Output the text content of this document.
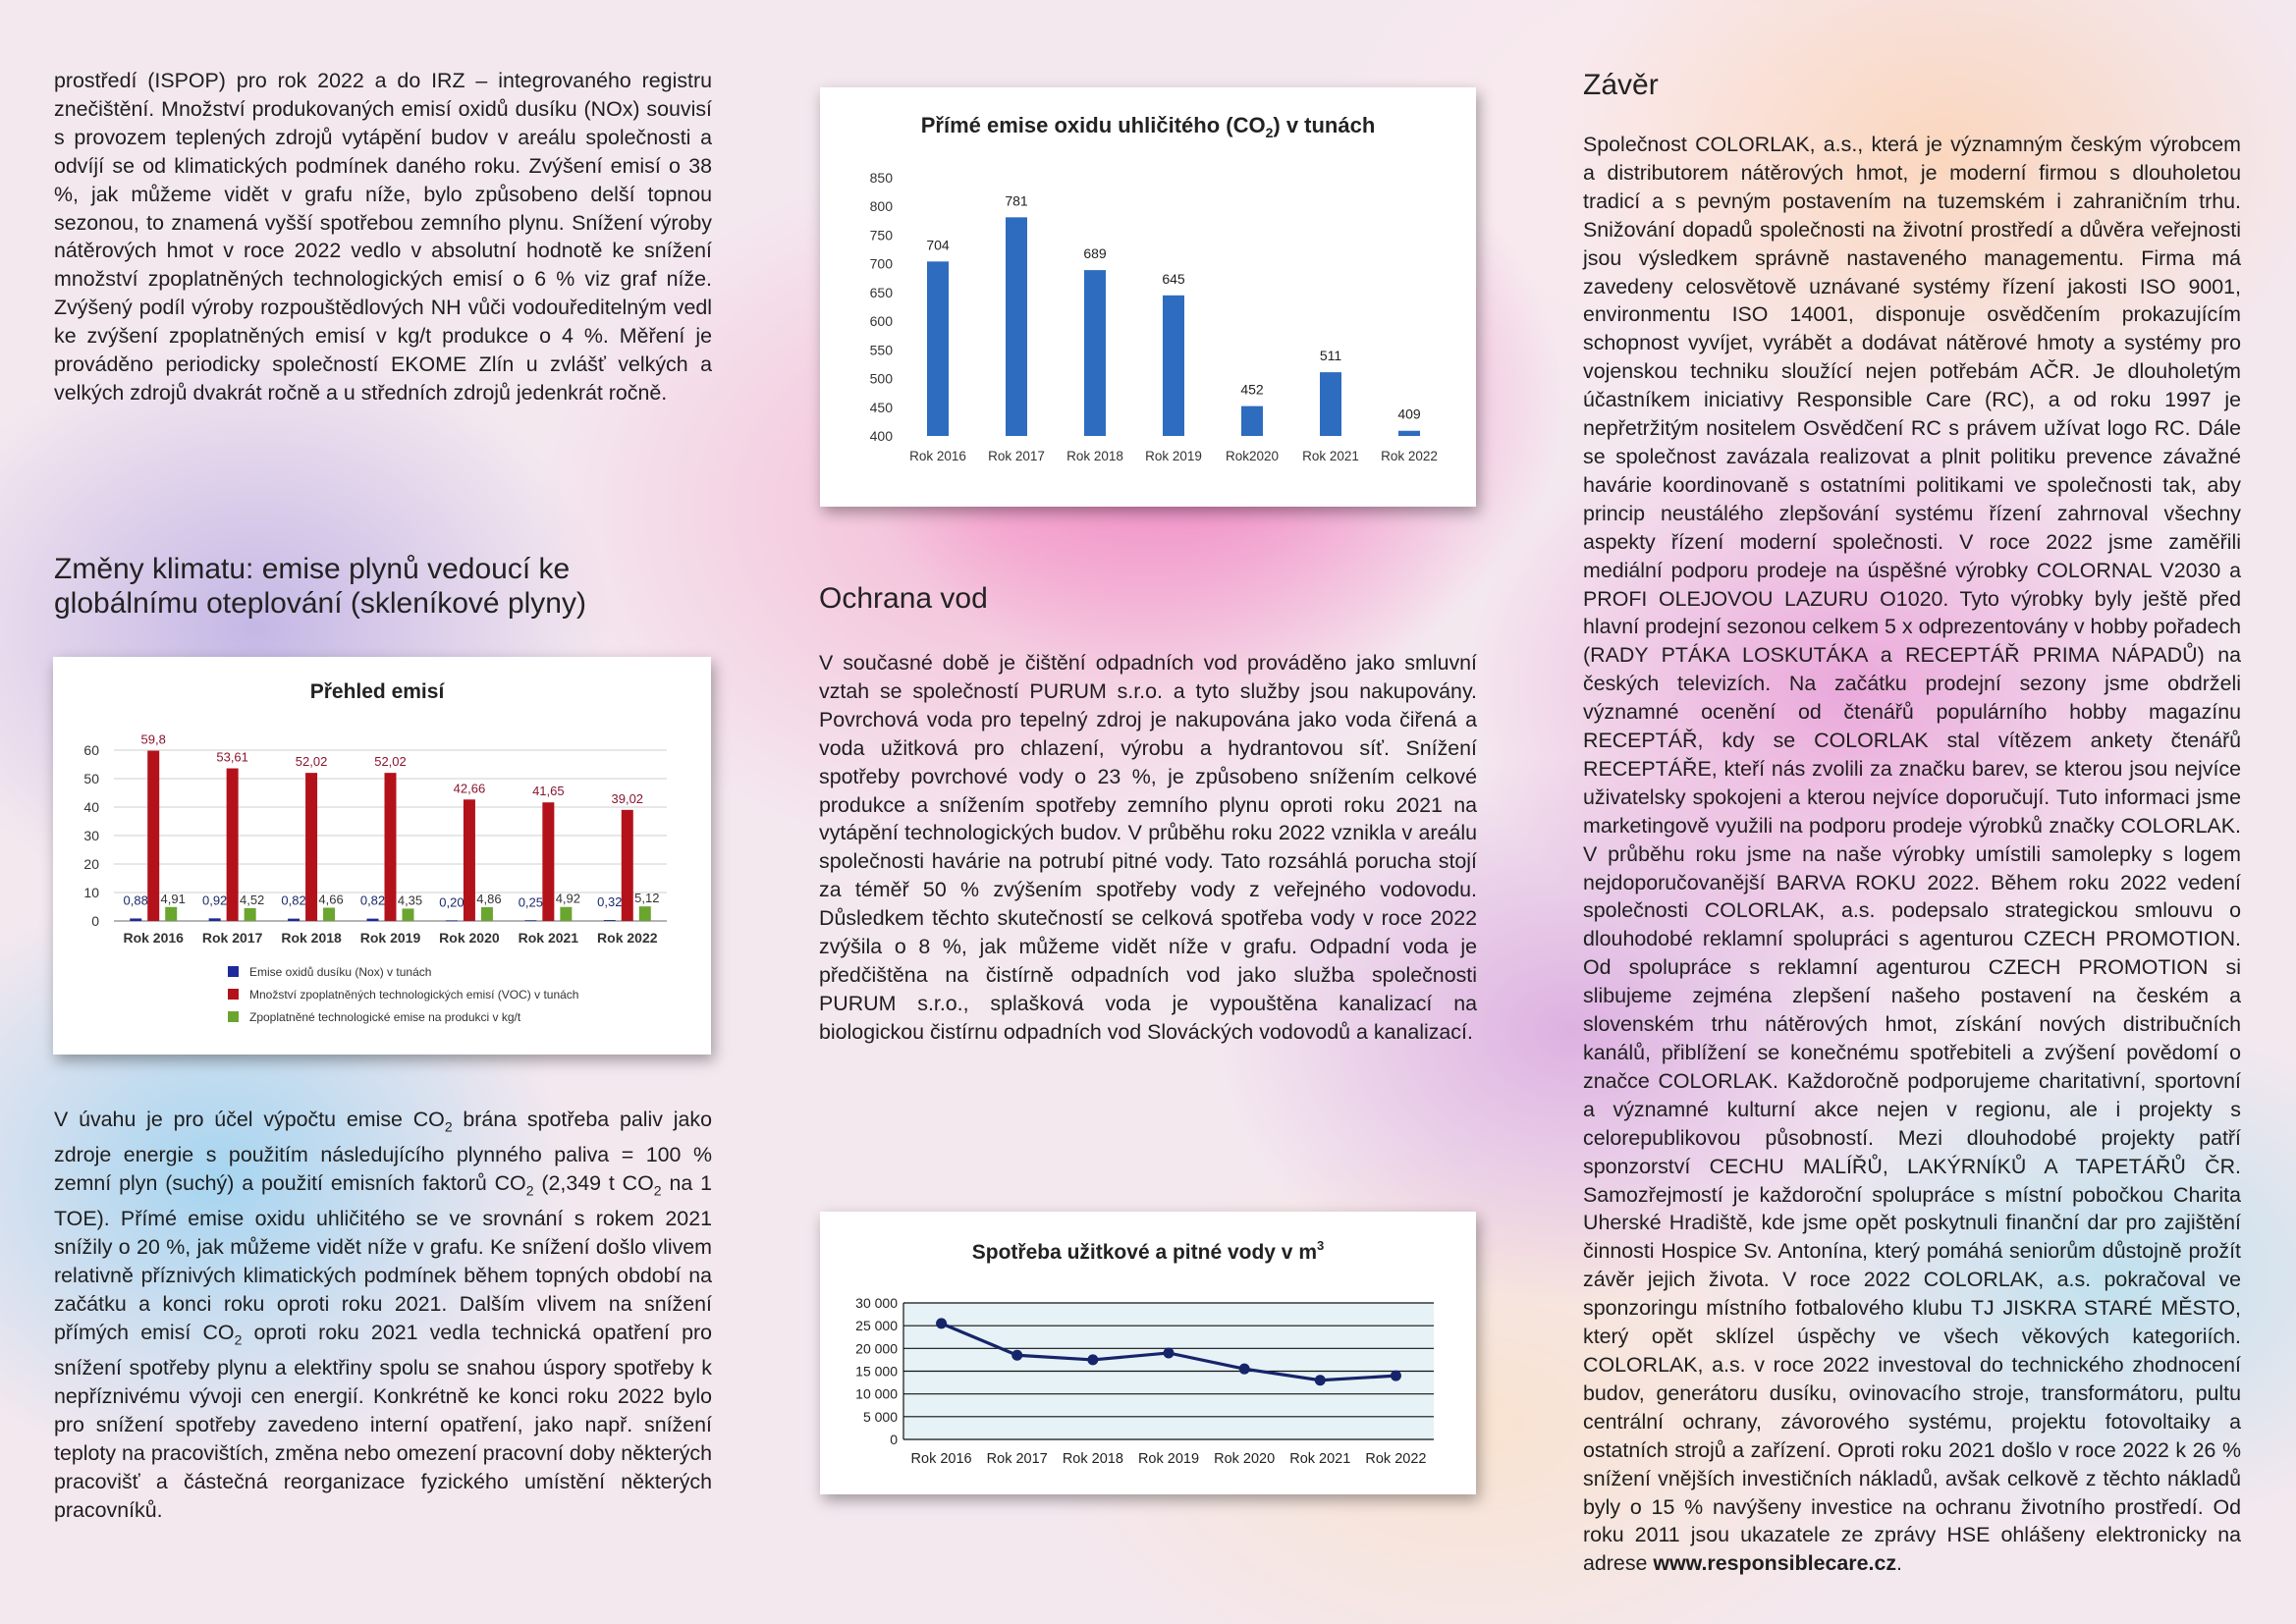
prostředí (ISPOP) pro rok 2022 a do IRZ – integrovaného registru znečištění. Množství produkovaných emisí oxidů dusíku (NOx) souvisí s provozem teplených zdrojů vytápění budov v areálu společnosti a odvíjí se od klimatických podmínek daného roku. Zvýšení emisí o 38 %, jak můžeme vidět v grafu níže, bylo způsobeno delší topnou sezonou, to znamená vyšší spotřebou zemního plynu. Snížení výroby nátěrových hmot v roce 2022 vedlo v absolutní hodnotě ke snížení množství zpoplatněných technologických emisí o 6 % viz graf níže. Zvýšený podíl výroby rozpouštědlových NH vůči vodouředitelným vedl ke zvýšení zpoplatněných emisí v kg/t produkce o 4 %. Měření je prováděno periodicky společností EKOME Zlín u zvlášť velkých a velkých zdrojů dvakrát ročně a u středních zdrojů jedenkrát ročně.

Změny klimatu: emise plynů vedoucí ke globálnímu oteplování (skleníkové plyny)
Přehled emisí
0,88
59,8
4,91 0,92
53,61
4,52 0,82
52,02
4,66 0,82
52,02
4,35 0,20
42,66
4,86 0,25
41,65
4,92 0,32
39,02
5,12
0
10
20
30
40
50
60
Rok 2016 Rok 2017 Rok 2018 Rok 2019 Rok 2020 Rok 2021 Rok 2022
Emise oxidů dusíku (Nox) v tunách
Množství zpoplatněných technologických emisí (VOC) v tunách
Zpoplatněné technologické emise na produkci v kg/t

V úvahu je pro účel výpočtu emise $CO_2$ brána spotřeba paliv jako zdroje energie s použitím následujícího plynného paliva = 100 % zemní plyn (suchý) a použití emisních faktorů $CO_2$ (2,349 t $CO_2$ na 1 TOE). Přímé emise oxidu uhličitého se ve srovnání s rokem 2021 snížily o 20 %, jak můžeme vidět níže v grafu. Ke snížení došlo vlivem relativně příznivých klimatických podmínek během topných období na začátku a konci roku oproti roku 2021. Dalším vlivem na snížení přímých emisí $CO_2$ oproti roku 2021 vedla technická opatření pro snížení spotřeby plynu a elektřiny spolu se snahou úspory spotřeby k nepříznivému vývoji cen energií. Konkrétně ke konci roku 2022 bylo pro snížení spotřeby zavedeno interní opatření, jako např. snížení teploty na pracovištích, změna nebo omezení pracovní doby některých pracovišť a částečná reorganizace fyzického umístění některých pracovníků.

Přímé emise oxidu uhličitého $(CO_2)$ v tunách
704
781
689
645
452
511
409
400
450
500
550
600
650
700
750
800
850
Rok 2016 Rok 2017 Rok 2018 Rok 2019 Rok2020 Rok 2021 Rok 2022
Ochrana vod

V současné době je čištění odpadních vod prováděno jako smluvní vztah se společností PURUM s.r.o. a tyto služby jsou nakupovány. Povrchová voda pro tepelný zdroj je nakupována jako voda čiřená a voda užitková pro chlazení, výrobu a hydrantovou síť. Snížení spotřeby povrchové vody o 23 %, je způsobeno snížením celkové produkce a snížením spotřeby zemního plynu oproti roku 2021 na vytápění technologických budov. V průběhu roku 2022 vznikla v areálu společnosti havárie na potrubí pitné vody. Tato rozsáhlá porucha stojí za téměř 50 % zvýšením spotřeby vody z veřejného vodovodu. Důsledkem těchto skutečností se celková spotřeba vody v roce 2022 zvýšila o 8 %, jak můžeme vidět níže v grafu. Odpadní voda je předčištěna na čistírně odpadních vod jako služba společnosti PURUM s.r.o., splašková voda je vypouštěna kanalizací na biologickou čistírnu odpadních vod Slováckých vodovodů a kanalizací.

Spotřeba užitkové a pitné vody v $m^3$
0
5 000
10 000
15 000
20 000
25 000
30 000
Rok 2016 Rok 2017 Rok 2018 Rok 2019 Rok 2020 Rok 2021 Rok 2022
Závěr

Společnost COLORLAK, a.s., která je významným českým výrobcem a distributorem nátěrových hmot, je moderní firmou s dlouholetou tradicí a s pevným postavením na tuzemském i zahraničním trhu. Snižování dopadů společnosti na životní prostředí a důvěra veřejnosti jsou výsledkem správně nastaveného managementu. Firma má zavedeny celosvětově uznávané systémy řízení jakosti ISO 9001, environmentu ISO 14001, disponuje osvědčením prokazujícím schopnost vyvíjet, vyrábět a dodávat nátěrové hmoty a systémy pro vojenskou techniku sloužící nejen potřebám AČR. Je dlouholetým účastníkem iniciativy Responsible Care (RC), a od roku 1997 je nepřetržitým nositelem Osvědčení RC s právem užívat logo RC. Dále se společnost zavázala realizovat a plnit politiku prevence závažné havárie koordinovaně s ostatními politikami ve společnosti tak, aby princip neustálého zlepšování systému řízení zahrnoval všechny aspekty řízení moderní společnosti. V roce 2022 jsme zaměřili mediální podporu prodeje na úspěšné výrobky COLORNAL V2030 a PROFI OLEJOVOU LAZURU O1020. Tyto výrobky byly ještě před hlavní prodejní sezonou celkem 5 x odprezentovány v hobby pořadech (RADY PTÁKA LOSKUTÁKA a RECEPTÁŘ PRIMA NÁPADŮ) na českých televizích. Na začátku prodejní sezony jsme obdrželi významné ocenění od čtenářů populárního hobby magazínu RECEPTÁŘ, kdy se COLORLAK stal vítězem ankety čtenářů RECEPTÁŘE, kteří nás zvolili za značku barev, se kterou jsou nejvíce uživatelsky spokojeni a kterou nejvíce doporučují. Tuto informaci jsme marketingově využili na podporu prodeje výrobků značky COLORLAK. V průběhu roku jsme na naše výrobky umístili samolepky s logem nejdoporučovanější BARVA ROKU 2022. Během roku 2022 vedení společnosti COLORLAK, a.s. podepsalo strategickou smlouvu o dlouhodobé reklamní spolupráci s agenturou CZECH PROMOTION. Od spolupráce s reklamní agenturou CZECH PROMOTION si slibujeme zejména zlepšení našeho postavení na českém a slovenském trhu nátěrových hmot, získání nových distribučních kanálů, přiblížení se konečnému spotřebiteli a zvýšení povědomí o značce COLORLAK. Každoročně podporujeme charitativní, sportovní a významné kulturní akce nejen v regionu, ale i projekty s celorepublikovou působností. Mezi dlouhodobé projekty patří sponzorství CECHU MALÍŘŮ, LAKÝRNÍKŮ A TAPETÁŘŮ ČR. Samozřejmostí je každoroční spolupráce s místní pobočkou Charita Uherské Hradiště, kde jsme opět poskytnuli finanční dar pro zajištění činnosti Hospice Sv. Antonína, který pomáhá seniorům důstojně prožít závěr jejich života. V roce 2022 COLORLAK, a.s. pokračoval ve sponzoringu místního fotbalového klubu TJ JISKRA STARÉ MĚSTO, který opět sklízel úspěchy ve všech věkových kategoriích. COLORLAK, a.s. v roce 2022 investoval do technického zhodnocení budov, generátoru dusíku, ovinovacího stroje, transformátoru, pultu centrální ochrany, závorového systému, projektu fotovoltaiky a ostatních strojů a zařízení. Oproti roku 2021 došlo v roce 2022 k 26 % snížení vnějších investičních nákladů, avšak celkově z těchto nákladů byly o 15 % navýšeny investice na ochranu životního prostředí. Od roku 2011 jsou ukazatele ze zprávy HSE ohlášeny elektronicky na adrese www.responsiblecare.cz.
